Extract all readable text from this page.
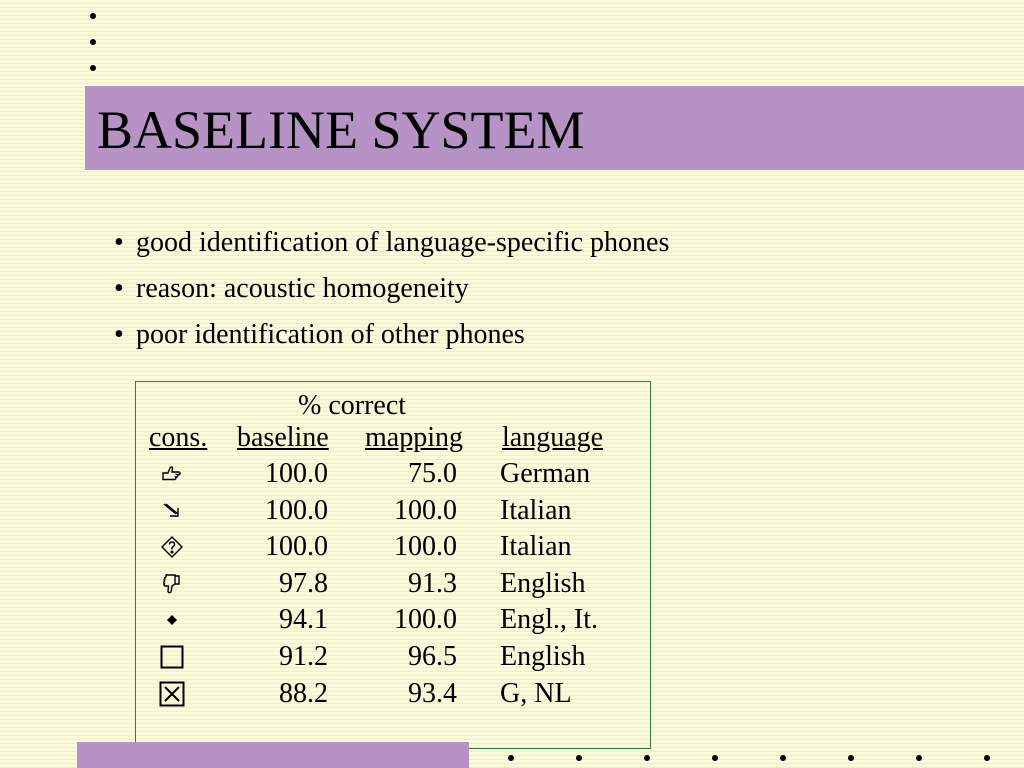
BASELINE SYSTEM
• good identification of language-specific phones
• reason: acoustic homogeneity
• poor identification of other phones
% correct
cons. baseline mapping language
100.0	75.0 German
100.0	100.0 Italian
100.0	100.0 Italian
97.8	91.3 English
94.1	100.0 Engl., It.
91.2	96.5 English
88.2	93.4 G, NL
